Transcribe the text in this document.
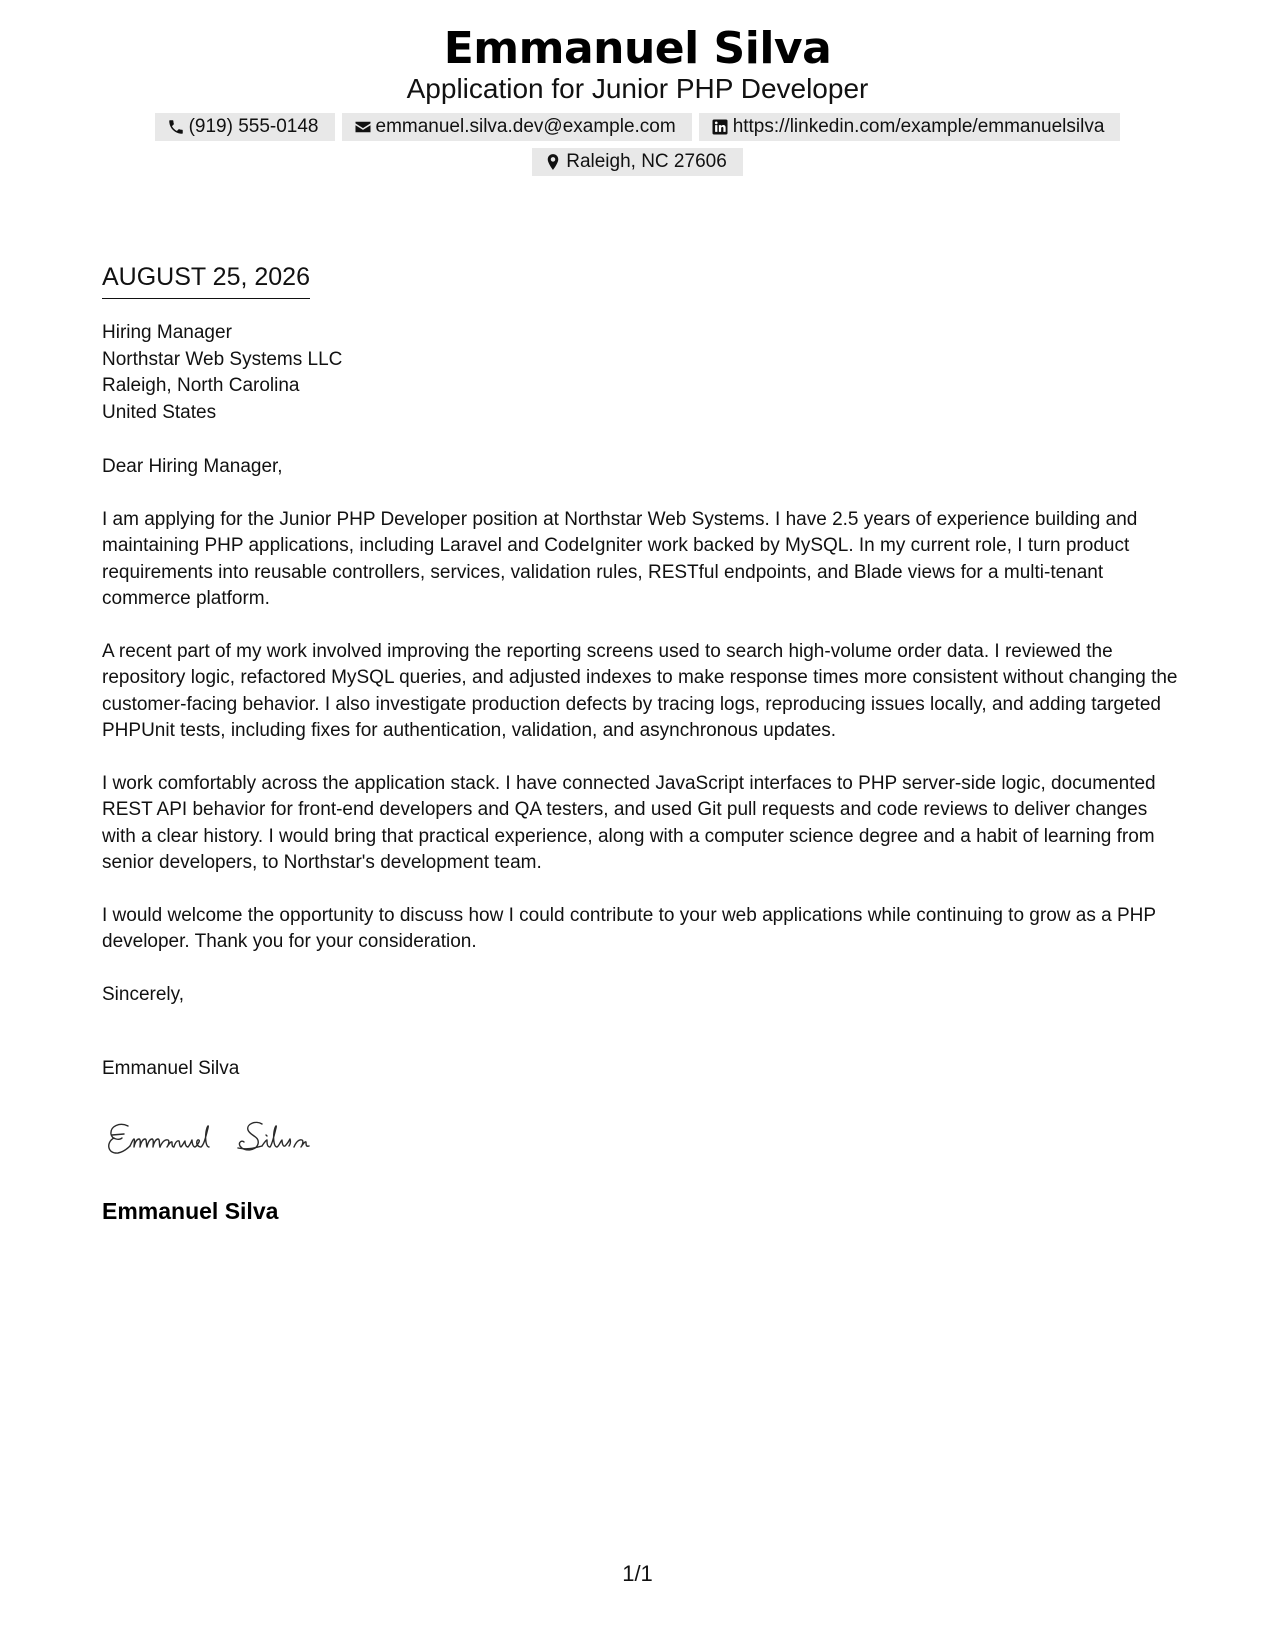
Emmanuel Silva
Application for Junior PHP Developer
(919) 555-0148	emmanuel.silva.dev@example.com	https://linkedin.com/example/emmanuelsilva
Raleigh, NC 27606
AUGUST 25, 2026
Hiring Manager
Northstar Web Systems LLC
Raleigh, North Carolina
United States

Dear Hiring Manager,

I am applying for the Junior PHP Developer position at Northstar Web Systems. I have 2.5 years of experience building and maintaining PHP applications, including Laravel and CodeIgniter work backed by MySQL. In my current role, I turn product requirements into reusable controllers, services, validation rules, RESTful endpoints, and Blade views for a multi-tenant commerce platform.

A recent part of my work involved improving the reporting screens used to search high-volume order data. I reviewed the repository logic, refactored MySQL queries, and adjusted indexes to make response times more consistent without changing the customer-facing behavior. I also investigate production defects by tracing logs, reproducing issues locally, and adding targeted PHPUnit tests, including fixes for authentication, validation, and asynchronous updates.

I work comfortably across the application stack. I have connected JavaScript interfaces to PHP server-side logic, documented REST API behavior for front-end developers and QA testers, and used Git pull requests and code reviews to deliver changes with a clear history. I would bring that practical experience, along with a computer science degree and a habit of learning from senior developers, to Northstar's development team.

I would welcome the opportunity to discuss how I could contribute to your web applications while continuing to grow as a PHP developer. Thank you for your consideration.

Sincerely,

Emmanuel Silva
Emmanuel Silva
1/1
